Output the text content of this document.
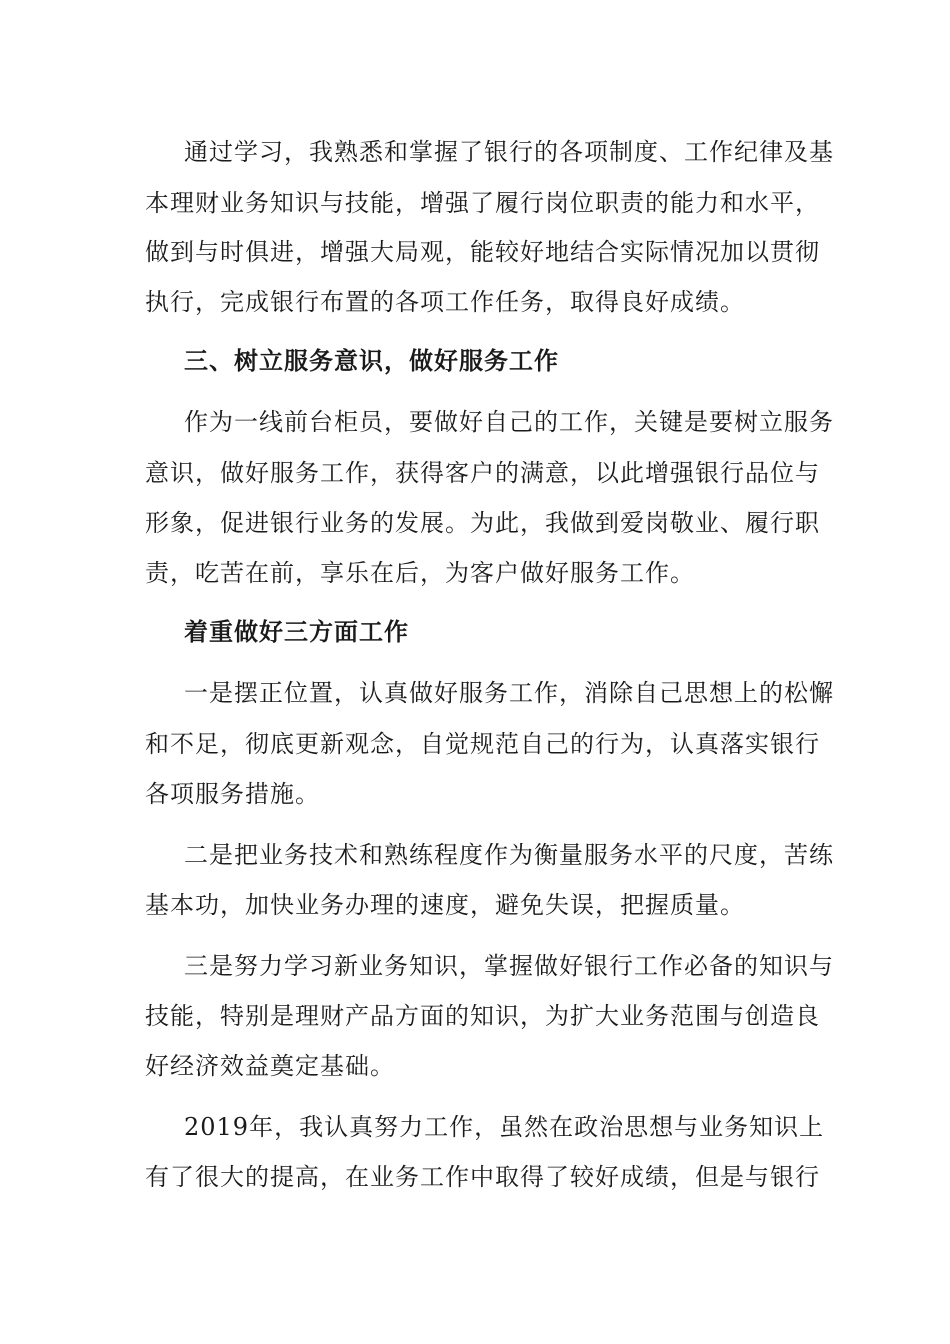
通过学习，我熟悉和掌握了银行的各项制度、工作纪律及基
本理财业务知识与技能，增强了履行岗位职责的能力和水平，
做到与时俱进，增强大局观，能较好地结合实际情况加以贯彻
执行，完成银行布置的各项工作任务，取得良好成绩。
三、树立服务意识，做好服务工作
作为一线前台柜员，要做好自己的工作，关键是要树立服务
意识，做好服务工作，获得客户的满意，以此增强银行品位与
形象，促进银行业务的发展。为此，我做到爱岗敬业、履行职
责，吃苦在前，享乐在后，为客户做好服务工作。
着重做好三方面工作
一是摆正位置，认真做好服务工作，消除自己思想上的松懈
和不足，彻底更新观念，自觉规范自己的行为，认真落实银行
各项服务措施。
二是把业务技术和熟练程度作为衡量服务水平的尺度，苦练
基本功，加快业务办理的速度，避免失误，把握质量。
三是努力学习新业务知识，掌握做好银行工作必备的知识与
技能，特别是理财产品方面的知识，为扩大业务范围与创造良
好经济效益奠定基础。
2019年，我认真努力工作，虽然在政治思想与业务知识上
有了很大的提高，在业务工作中取得了较好成绩，但是与银行
